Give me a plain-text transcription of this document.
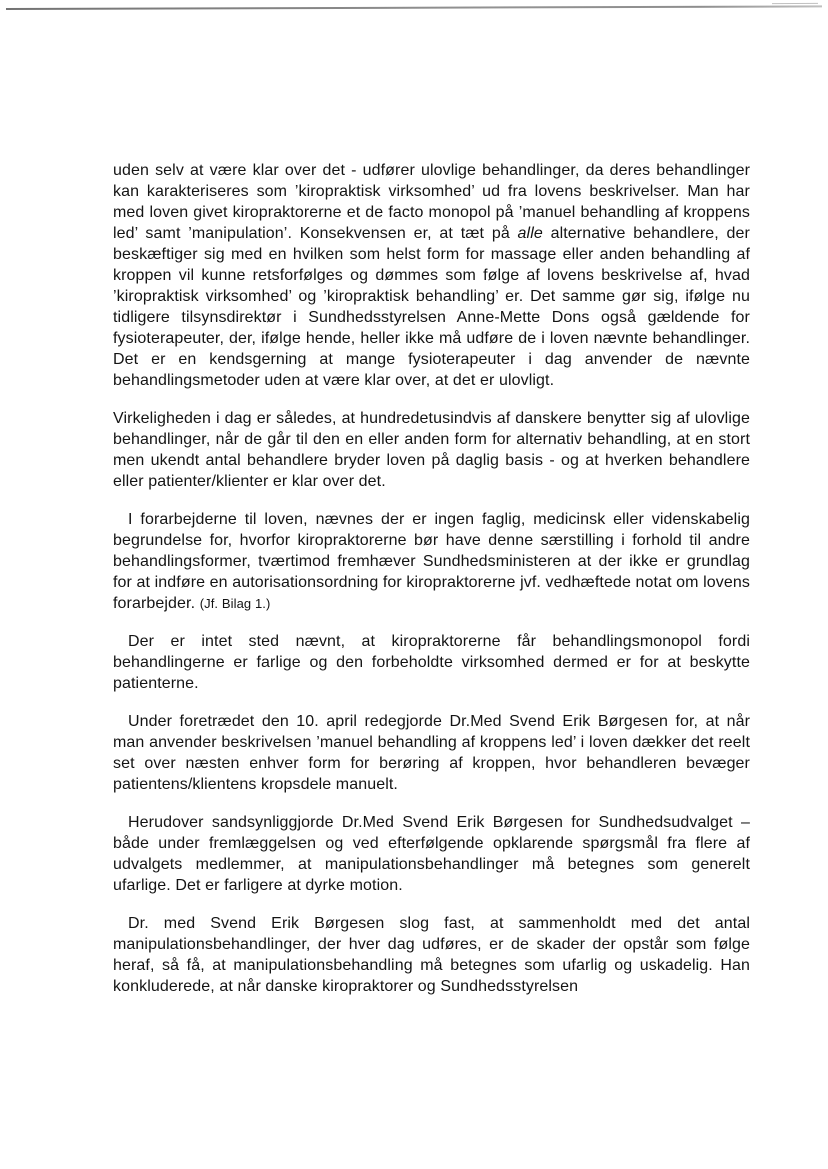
uden selv at være klar over det - udfører ulovlige behandlinger, da deres behandlinger kan karakteriseres som ’kiropraktisk virksomhed’ ud fra lovens beskrivelser. Man har med loven givet kiropraktorerne et de facto monopol på ’manuel behandling af kroppens led’ samt ’manipulation’. Konsekvensen er, at tæt på alle alternative behandlere, der beskæftiger sig med en hvilken som helst form for massage eller anden behandling af kroppen vil kunne retsforfølges og dømmes som følge af lovens beskrivelse af, hvad ’kiropraktisk virksomhed’ og ’kiropraktisk behandling’ er. Det samme gør sig, ifølge nu tidligere tilsynsdirektør i Sundhedsstyrelsen Anne-Mette Dons også gældende for fysioterapeuter, der, ifølge hende, heller ikke må udføre de i loven nævnte behandlinger. Det er en kendsgerning at mange fysioterapeuter i dag anvender de nævnte behandlingsmetoder uden at være klar over, at det er ulovligt.

Virkeligheden i dag er således, at hundredetusindvis af danskere benytter sig af ulovlige behandlinger, når de går til den en eller anden form for alternativ behandling, at en stort men ukendt antal behandlere bryder loven på daglig basis - og at hverken behandlere eller patienter/klienter er klar over det.

I forarbejderne til loven, nævnes der er ingen faglig, medicinsk eller videnskabelig begrundelse for, hvorfor kiropraktorerne bør have denne særstilling i forhold til andre behandlingsformer, tværtimod fremhæver Sundhedsministeren at der ikke er grundlag for at indføre en autorisationsordning for kiropraktorerne jvf. vedhæftede notat om lovens forarbejder. (Jf. Bilag 1.)

Der er intet sted nævnt, at kiropraktorerne får behandlingsmonopol fordi behandlingerne er farlige og den forbeholdte virksomhed dermed er for at beskytte patienterne.

Under foretrædet den 10. april redegjorde Dr.Med Svend Erik Børgesen for, at når man anvender beskrivelsen ’manuel behandling af kroppens led’ i loven dækker det reelt set over næsten enhver form for berøring af kroppen, hvor behandleren bevæger patientens/klientens kropsdele manuelt.

Herudover sandsynliggjorde Dr.Med Svend Erik Børgesen for Sundhedsudvalget – både under fremlæggelsen og ved efterfølgende opklarende spørgsmål fra flere af udvalgets medlemmer, at manipulationsbehandlinger må betegnes som generelt ufarlige. Det er farligere at dyrke motion.

Dr. med Svend Erik Børgesen slog fast, at sammenholdt med det antal manipulationsbehandlinger, der hver dag udføres, er de skader der opstår som følge heraf, så få, at manipulationsbehandling må betegnes som ufarlig og uskadelig. Han konkluderede, at når danske kiropraktorer og Sundhedsstyrelsen
